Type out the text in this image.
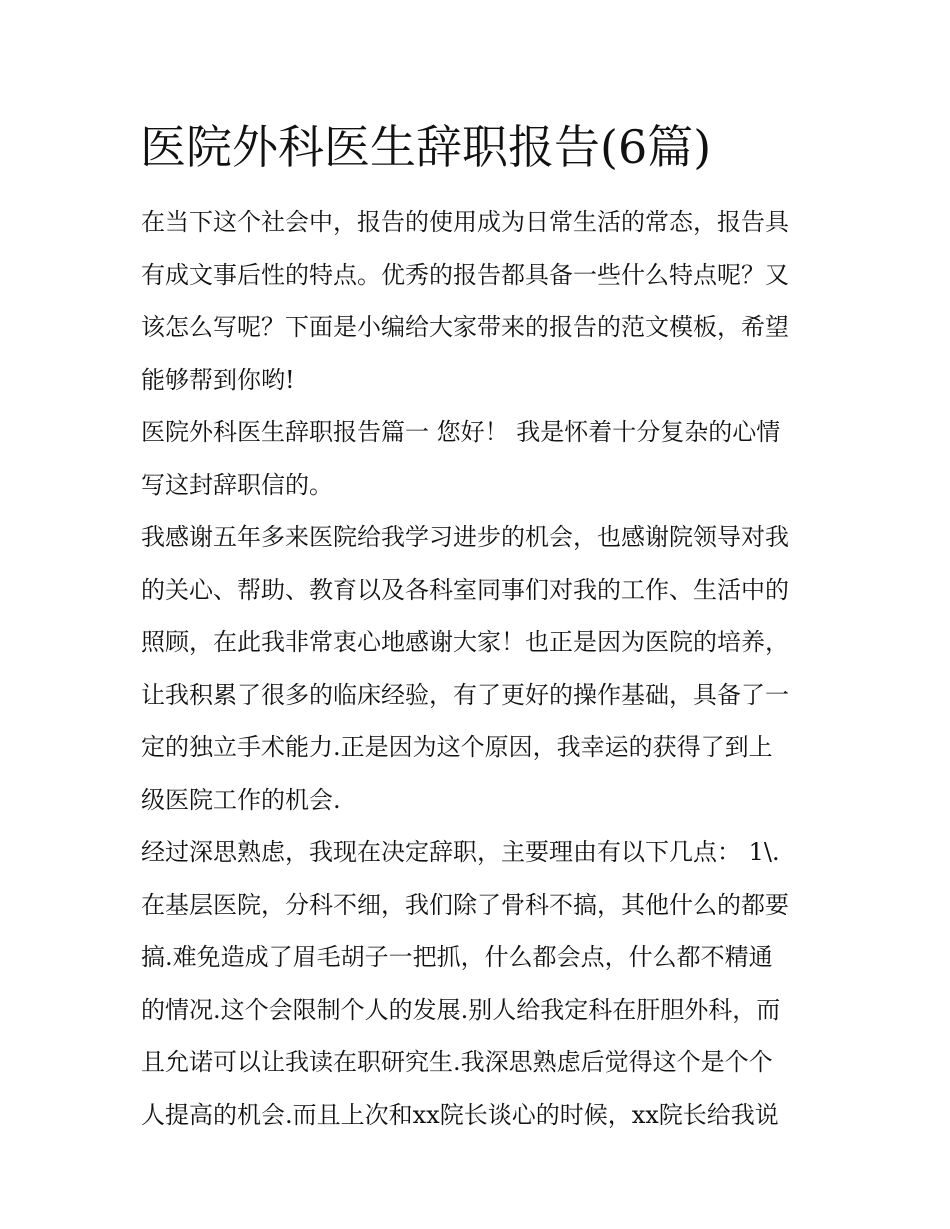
医院外科医生辞职报告(6篇)
在当下这个社会中，报告的使用成为日常生活的常态，报告具
有成文事后性的特点。优秀的报告都具备一些什么特点呢？又
该怎么写呢？下面是小编给大家带来的报告的范文模板，希望
能够帮到你哟!
医院外科医生辞职报告篇一 您好！ 我是怀着十分复杂的心情
写这封辞职信的。
我感谢五年多来医院给我学习进步的机会，也感谢院领导对我
的关心、帮助、教育以及各科室同事们对我的工作、生活中的
照顾，在此我非常衷心地感谢大家！也正是因为医院的培养，
让我积累了很多的临床经验，有了更好的操作基础，具备了一
定的独立手术能力.正是因为这个原因，我幸运的获得了到上
级医院工作的机会.
经过深思熟虑，我现在决定辞职，主要理由有以下几点： 1\.
在基层医院，分科不细，我们除了骨科不搞，其他什么的都要
搞.难免造成了眉毛胡子一把抓，什么都会点，什么都不精通
的情况.这个会限制个人的发展.别人给我定科在肝胆外科，而
且允诺可以让我读在职研究生.我深思熟虑后觉得这个是个个
人提高的机会.而且上次和xx院长谈心的时候，xx院长给我说
